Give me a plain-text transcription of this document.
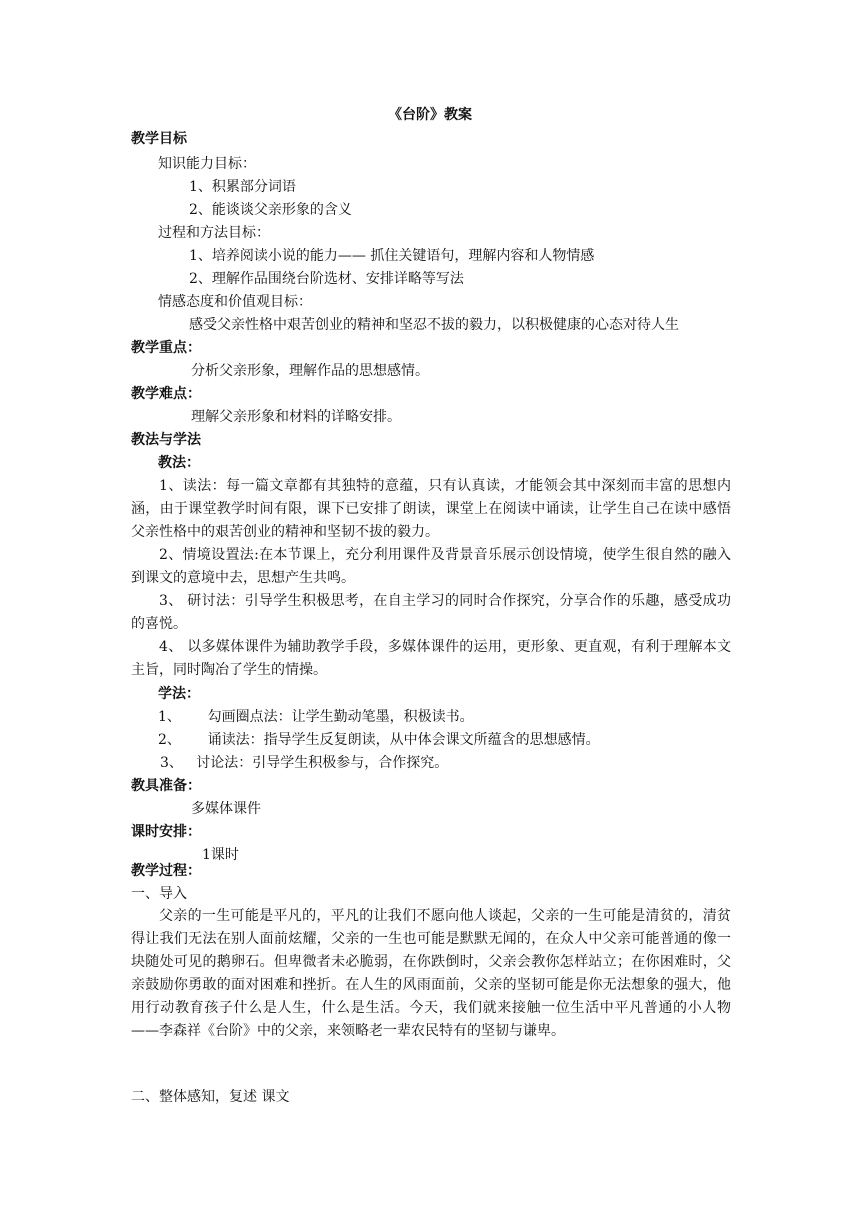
《台阶》教案
教学目标
知识能力目标：
1、积累部分词语
2、能谈谈父亲形象的含义
过程和方法目标：
1、培养阅读小说的能力—— 抓住关键语句，理解内容和人物情感
2、理解作品围绕台阶选材、安排详略等写法
情感态度和价值观目标：
感受父亲性格中艰苦创业的精神和坚忍不拔的毅力，以积极健康的心态对待人生
教学重点：
分析父亲形象，理解作品的思想感情。
教学难点：
理解父亲形象和材料的详略安排。
教法与学法
教法：
1、读法：每一篇文章都有其独特的意蕴，只有认真读，才能领会其中深刻而丰富的思想内涵，由于课堂教学时间有限，课下已安排了朗读，课堂上在阅读中诵读，让学生自己在读中感悟父亲性格中的艰苦创业的精神和坚韧不拔的毅力。
2、情境设置法:在本节课上，充分利用课件及背景音乐展示创设情境，使学生很自然的融入到课文的意境中去，思想产生共鸣。
3、 研讨法：引导学生积极思考，在自主学习的同时合作探究，分享合作的乐趣，感受成功的喜悦。
4、 以多媒体课件为辅助教学手段，多媒体课件的运用，更形象、更直观，有利于理解本文主旨，同时陶冶了学生的情操。
学法：
1、      勾画圈点法：让学生勤动笔墨，积极读书。
2、      诵读法：指导学生反复朗读，从中体会课文所蕴含的思想感情。
3、   讨论法：引导学生积极参与，合作探究。
教具准备：
多媒体课件
课时安排：
1课时
教学过程：
一、导入
父亲的一生可能是平凡的，平凡的让我们不愿向他人谈起，父亲的一生可能是清贫的，清贫得让我们无法在别人面前炫耀，父亲的一生也可能是默默无闻的，在众人中父亲可能普通的像一块随处可见的鹅卵石。但卑微者未必脆弱，在你跌倒时，父亲会教你怎样站立；在你困难时，父亲鼓励你勇敢的面对困难和挫折。在人生的风雨面前，父亲的坚韧可能是你无法想象的强大，他用行动教育孩子什么是人生，什么是生活。今天，我们就来接触一位生活中平凡普通的小人物——李森祥《台阶》中的父亲，来领略老一辈农民特有的坚韧与谦卑。
二、整体感知，复述 课文
